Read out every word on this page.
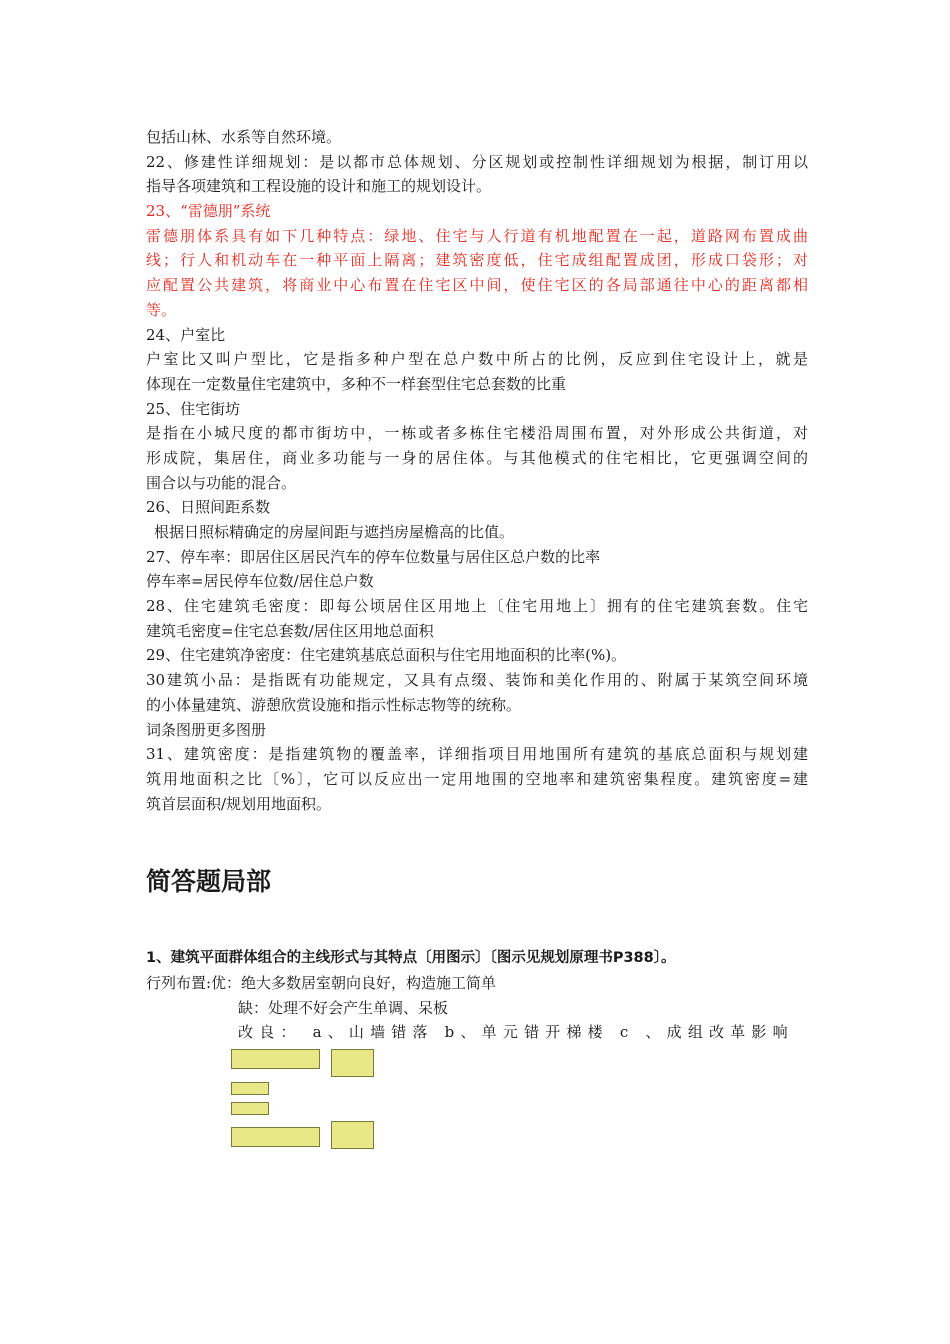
包括山林、水系等自然环境。
22、修建性详细规划：是以都市总体规划、分区规划或控制性详细规划为根据，制订用以
指导各项建筑和工程设施的设计和施工的规划设计。
23、“雷德朋”系统
雷德朋体系具有如下几种特点：绿地、住宅与人行道有机地配置在一起，道路网布置成曲
线；行人和机动车在一种平面上隔离；建筑密度低，住宅成组配置成团，形成口袋形；对
应配置公共建筑，将商业中心布置在住宅区中间，使住宅区的各局部通往中心的距离都相
等。
24、户室比
户室比又叫户型比，它是指多种户型在总户数中所占的比例，反应到住宅设计上，就是
体现在一定数量住宅建筑中，多种不一样套型住宅总套数的比重
25、住宅街坊
是指在小城尺度的都市街坊中，一栋或者多栋住宅楼沿周围布置，对外形成公共街道，对
形成院，集居住，商业多功能与一身的居住体。与其他模式的住宅相比，它更强调空间的
围合以与功能的混合。
26、日照间距系数
根据日照标精确定的房屋间距与遮挡房屋檐高的比值。
27、停车率：即居住区居民汽车的停车位数量与居住区总户数的比率
停车率=居民停车位数/居住总户数
28、住宅建筑毛密度：即每公顷居住区用地上〔住宅用地上〕拥有的住宅建筑套数。住宅
建筑毛密度=住宅总套数/居住区用地总面积
29、住宅建筑净密度：住宅建筑基底总面积与住宅用地面积的比率(%)。
30建筑小品：是指既有功能规定，又具有点缀、装饰和美化作用的、附属于某筑空间环境
的小体量建筑、游憩欣赏设施和指示性标志物等的统称。
词条图册更多图册
31、建筑密度：是指建筑物的覆盖率，详细指项目用地围所有建筑的基底总面积与规划建
筑用地面积之比〔%〕，它可以反应出一定用地围的空地率和建筑密集程度。建筑密度=建
筑首层面积/规划用地面积。
简答题局部
1、建筑平面群体组合的主线形式与其特点〔用图示〕〔图示见规划原理书P388〕。
行列布置:优：绝大多数居室朝向良好，构造施工简单
缺：处理不好会产生单调、呆板
改良： a、山墙错落 b、单元错开梯楼 c 、成组改革影响
